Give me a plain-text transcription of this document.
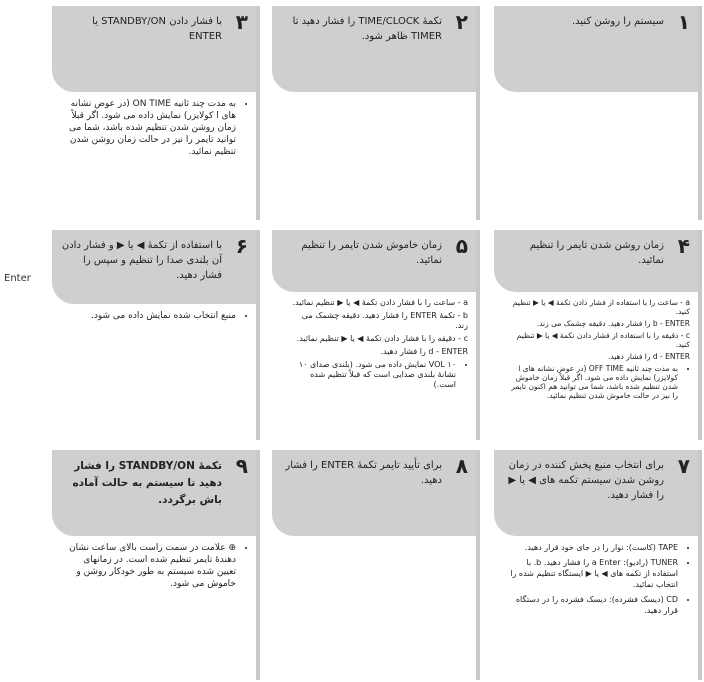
Enter
٣
با فشار دادن STANDBY/ON یا ENTER
• به مدت چند ثانیه ON TIME (در عوض نشانه های ا کولایزر) نمایش داده می شود. اگر قبلاً زمان روشن شدن تنظیم شده باشد، شما می توانید تایمر را نیز در حالت زمان روشن شدن تنظیم نمائید.
٢
تکمهٔ TIME/CLOCK را فشار دهید تا TIMER ظاهر شود.
١
سیستم را روشن کنید.
۶
با استفاده از تکمهٔ ◀ یا ▶ و فشار دادن آن بلندی صدا را تنظیم و سپس را فشار دهید.
• منبع انتخاب شده نمایش داده می شود.
۵
زمان خاموش شدن تایمر را تنظیم نمائید.
a - ساعت را با فشار دادن تکمهٔ ◀ یا ▶ تنظیم نمائید.
b - تکمهٔ ENTER را فشار دهید. دقیقه چشمک می زند.
c - دقیقه را با فشار دادن تکمهٔ ◀ یا ▶ تنظیم نمائید.
d - ENTER را فشار دهید.
• VOL ۱۰ نمایش داده می شود. (بلندی صدای ۱۰ نشانهٔ بلندی صدایی است که قبلاً تنظیم شده است.)
۴
زمان روشن شدن تایمر را تنظیم نمائید.
a - ساعت را با استفاده از فشار دادن تکمهٔ ◀ یا ▶ تنظیم کنید.
b - ENTER را فشار دهید. دقیقه چشمک می زند.
c - دقیقه را با استفاده از فشار دادن تکمهٔ ◀ یا ▶ تنظیم کنید.
d - ENTER را فشار دهید.
• به مدت چند ثانیه OFF TIME (در عوض نشانه های ا کولایزر) نمایش داده می شود. اگر قبلاً زمان خاموش شدن تنظیم شده باشد، شما می توانید هم اکنون تایمر را نیز در حالت خاموش شدن تنظیم نمائید.
٩
تکمهٔ STANDBY/ON را فشار دهید تا سیستم به حالت آماده باش برگردد.
• ⊕ علامت در سمت راست بالای ساعت نشان دهندهٔ تایمر تنظیم شده است. در زمانهای تعیین شده سیستم به طور خودکار روشن و خاموش می شود.
٨
برای تأیید تایمر تکمهٔ ENTER را فشار دهید.
٧
برای انتخاب منبع پخش کننده در زمان روشن شدن سیستم تکمه های ◀ یا ▶ را فشار دهید.
• TAPE (کاست): نوار را در جای خود قرار دهید.
• TUNER (رادیو): a Enter را فشار دهید. b. با استفاده از تکمه های ◀ یا ▶ ایستگاه تنظیم شده را انتخاب نمائید.
• CD (دیسک فشرده): دیسک فشرده را در دستگاه قرار دهید.
